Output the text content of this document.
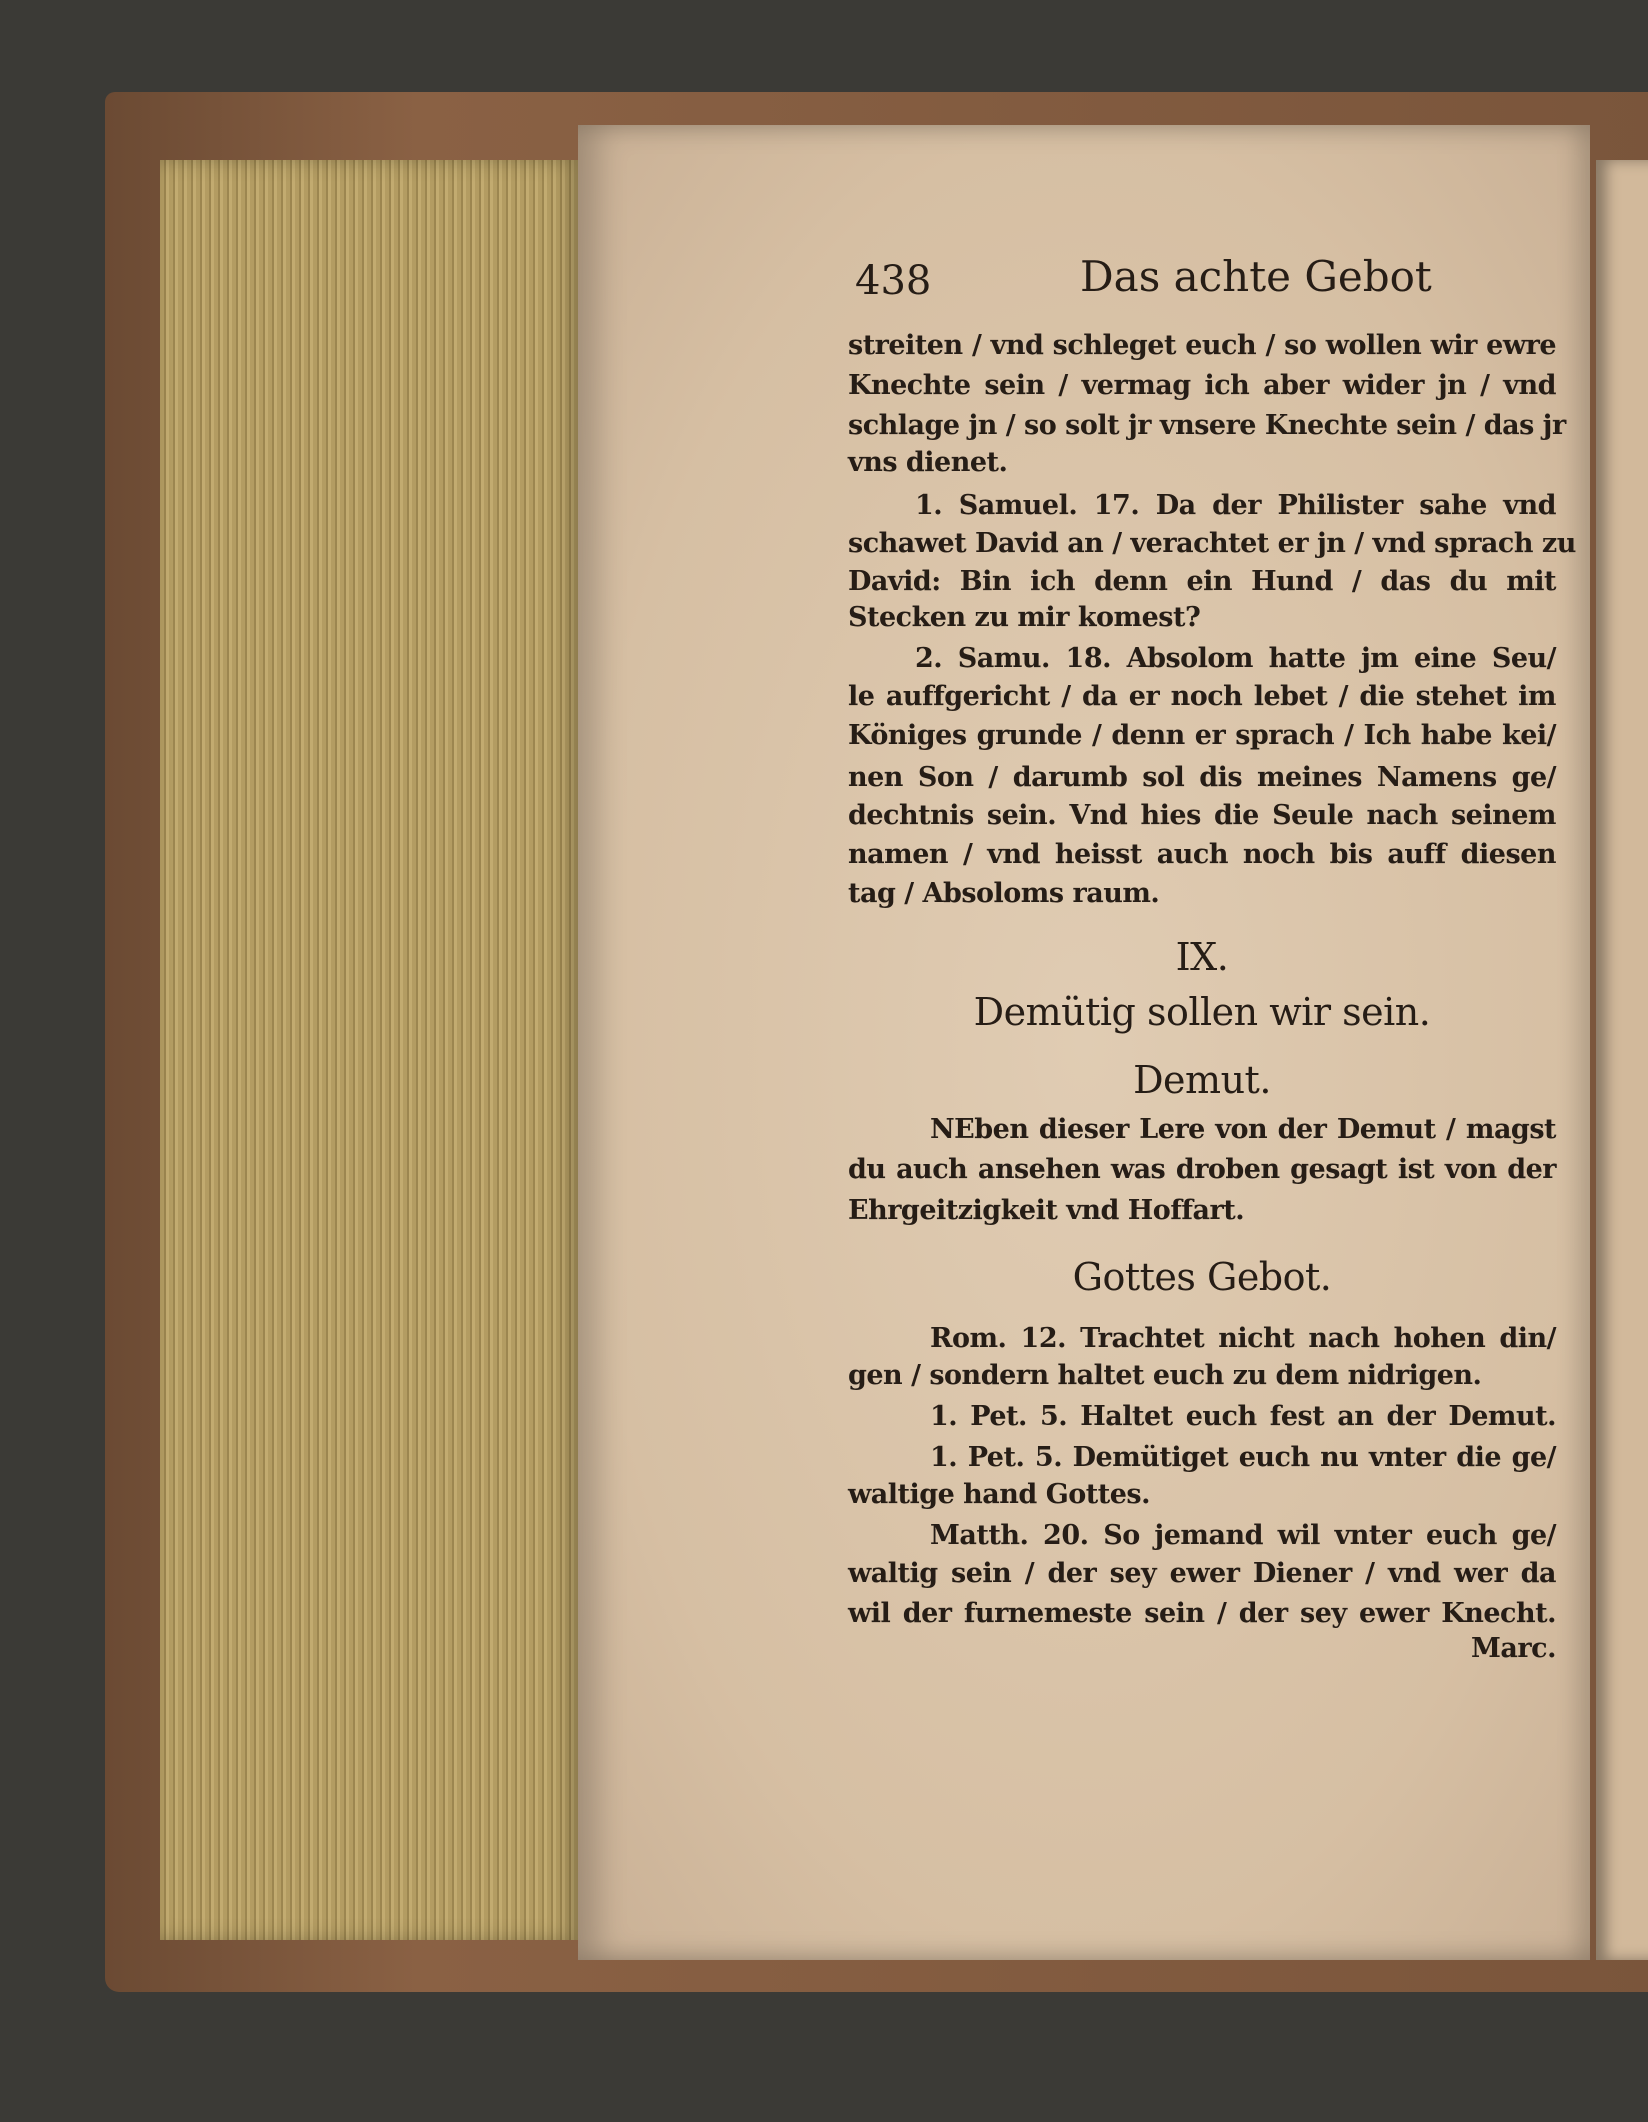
438	Das achte Gebot
streiten / vnd schleget euch / so wollen wir ewre
Knechte sein / vermag ich aber wider jn / vnd
schlage jn / so solt jr vnsere Knechte sein / das jr
vns dienet.
1. Samuel. 17. Da der Philister sahe vnd
schawet David an / verachtet er jn / vnd sprach zu
David: Bin ich denn ein Hund / das du mit
Stecken zu mir komest?
2. Samu. 18. Absolom hatte jm eine Seu/
le auffgericht / da er noch lebet / die stehet im
Königes grunde / denn er sprach / Ich habe kei/
nen Son / darumb sol dis meines Namens ge/
dechtnis sein. Vnd hies die Seule nach seinem
namen / vnd heisst auch noch bis auff diesen
tag / Absoloms raum.
IX.
Demütig sollen wir sein.
Demut.
NEben dieser Lere von der Demut / magst
du auch ansehen was droben gesagt ist von der
Ehrgeitzigkeit vnd Hoffart.
Gottes Gebot.
Rom. 12. Trachtet nicht nach hohen din/
gen / sondern haltet euch zu dem nidrigen.
1. Pet. 5. Haltet euch fest an der Demut.
1. Pet. 5. Demütiget euch nu vnter die ge/
waltige hand Gottes.
Matth. 20. So jemand wil vnter euch ge/
waltig sein / der sey ewer Diener / vnd wer da
wil der furnemeste sein / der sey ewer Knecht.
Marc.
